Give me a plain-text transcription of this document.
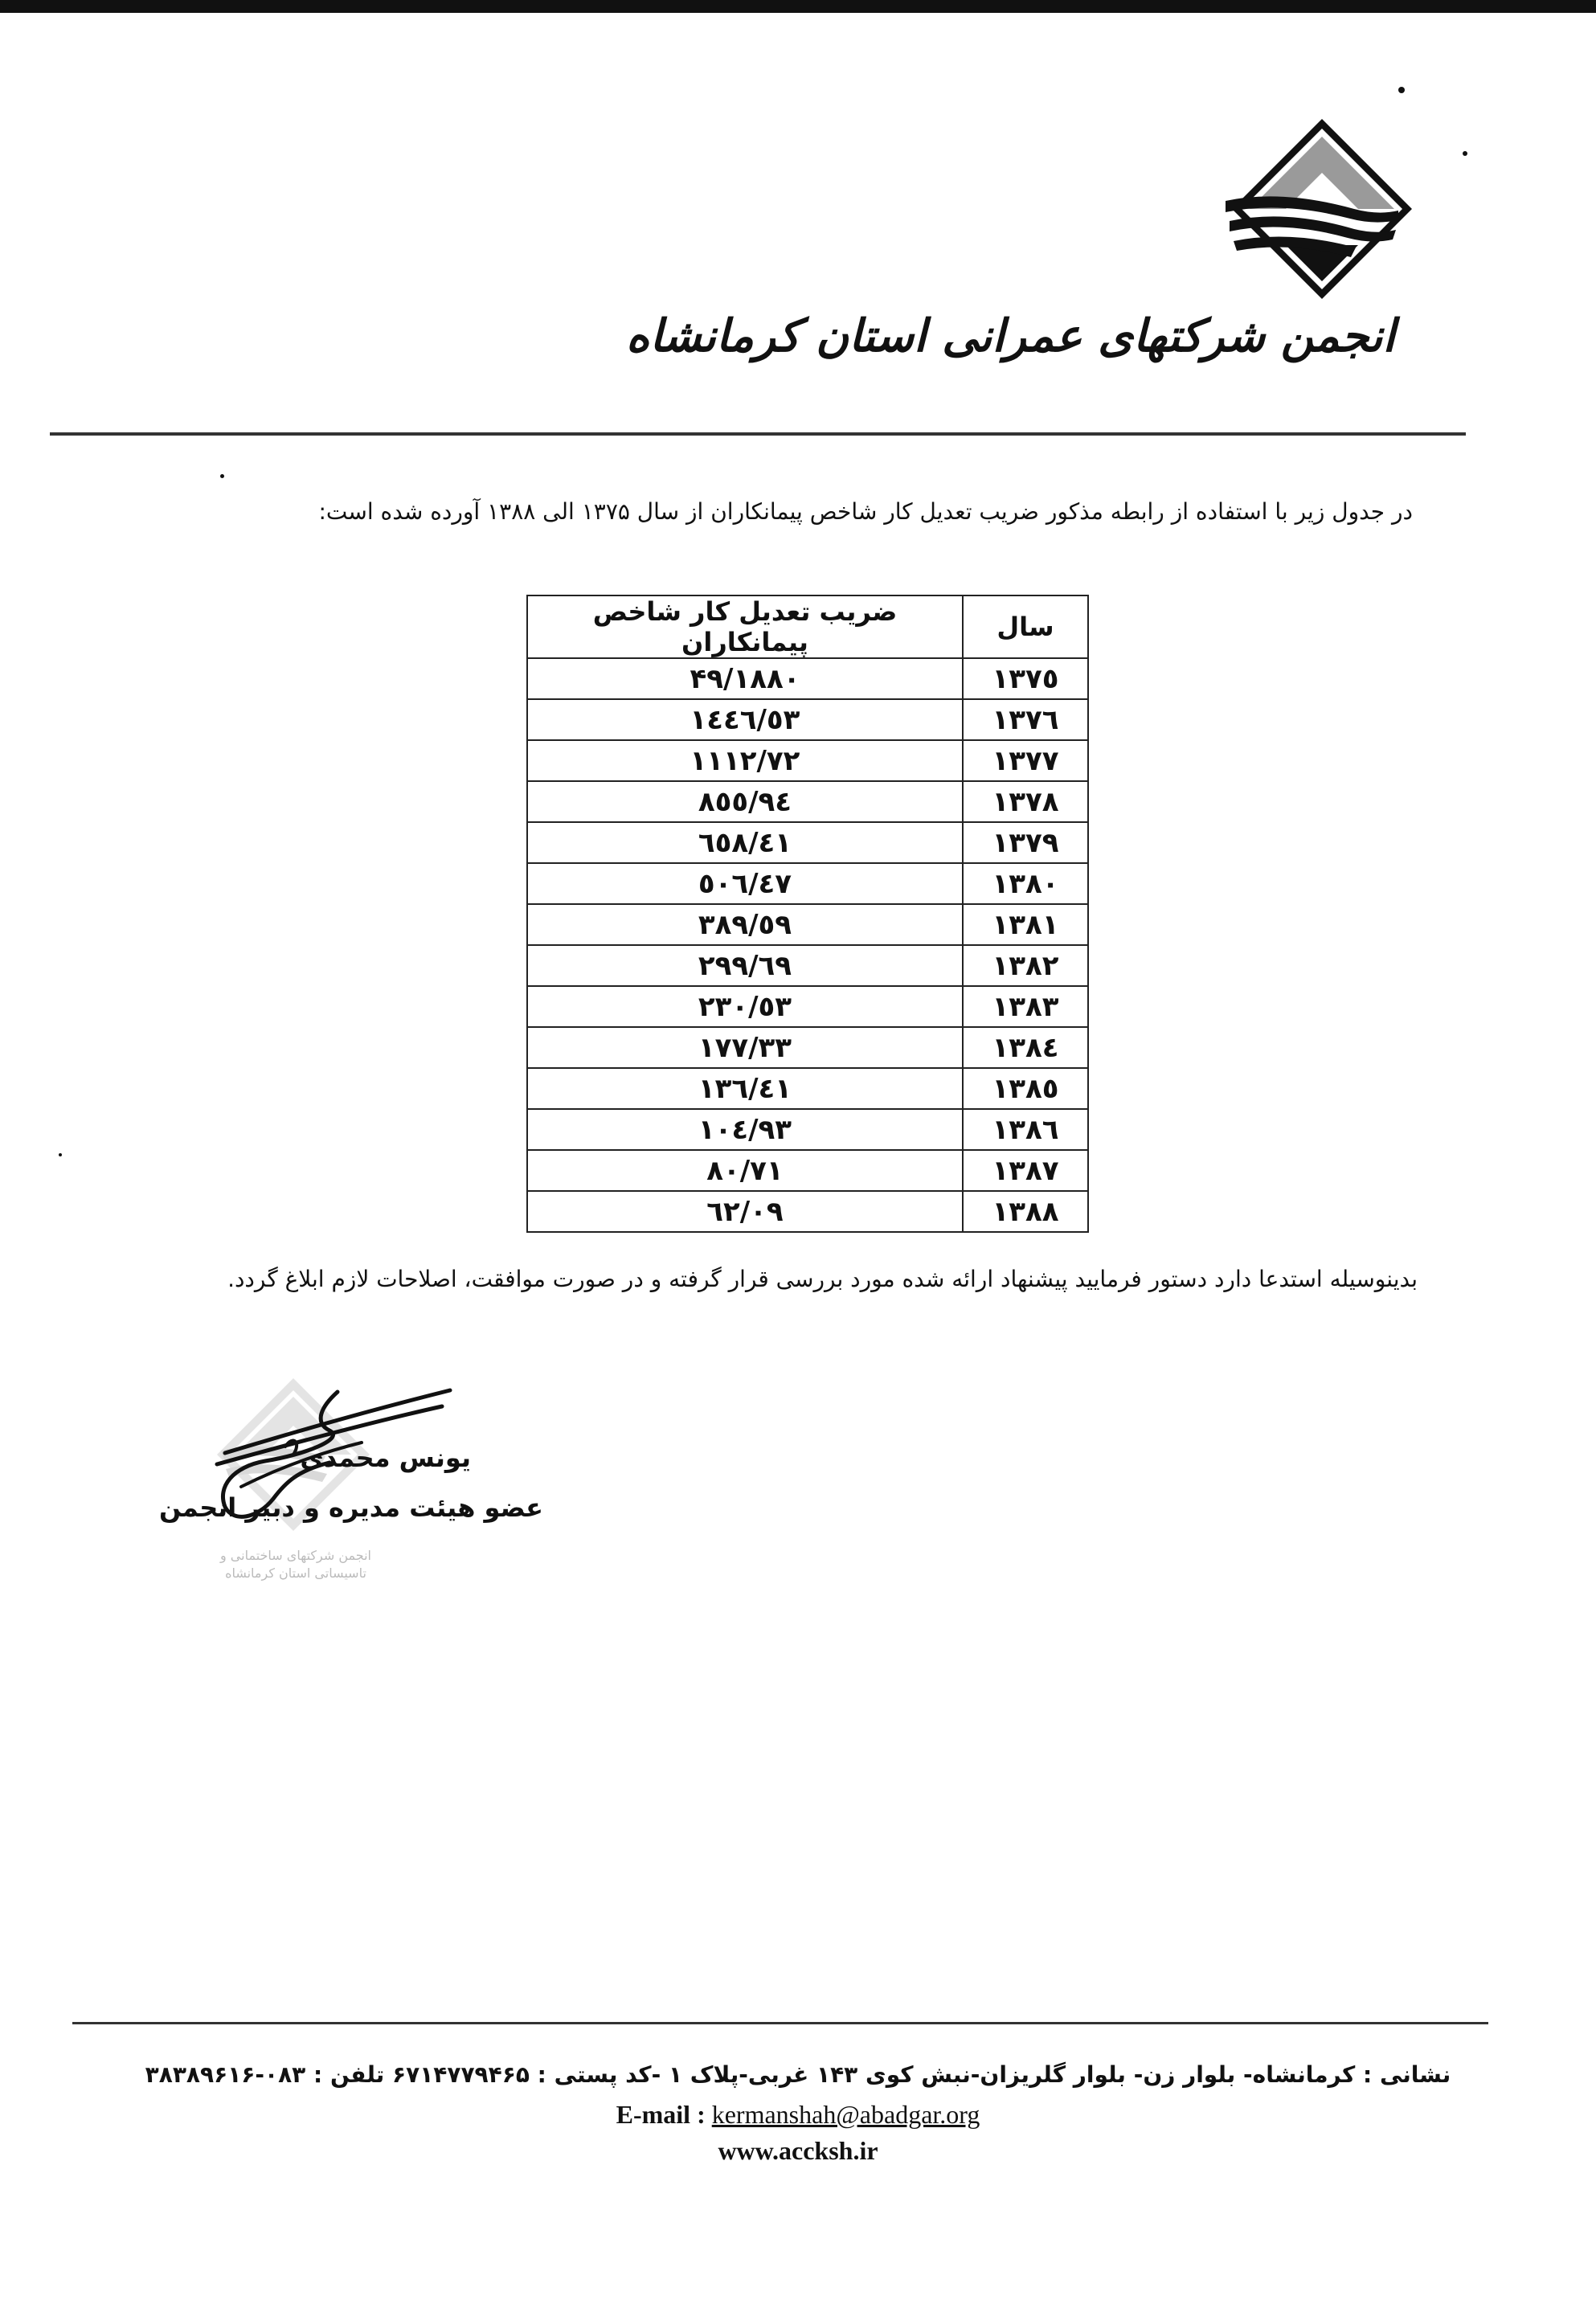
انجمن شرکتهای عمرانی استان کرمانشاه
در جدول زیر با استفاده از رابطه مذکور ضریب تعدیل کار شاخص پیمانکاران از سال ۱۳۷۵ الی ۱۳۸۸ آورده شده است:
سال	ضریب تعدیل کار شاخص پیمانکاران
١٣٧٥	١٨٨٠/۴٩
١٣٧٦	١٤٤٦/٥٣
١٣٧٧	١١١٢/٧٢
١٣٧٨	٨٥٥/٩٤
١٣٧٩	٦٥٨/٤١
١٣٨٠	٥٠٦/٤٧
١٣٨١	٣٨٩/٥٩
١٣٨٢	٢٩٩/٦٩
١٣٨٣	٢٣٠/٥٣
١٣٨٤	١٧٧/٣٣
١٣٨٥	١٣٦/٤١
١٣٨٦	١٠٤/٩٣
١٣٨٧	٨٠/٧١
١٣٨٨	٦٢/٠٩
بدینوسیله استدعا دارد دستور فرمایید پیشنهاد ارائه شده مورد بررسی قرار گرفته و در صورت موافقت، اصلاحات لازم ابلاغ گردد.
انجمن شرکتهای ساختمانی و تاسیساتی استان کرمانشاه
یونس محمدی
عضو هیئت مدیره و دبیر انجمن
نشانی : کرمانشاه- بلوار زن- بلوار گلریزان-نبش کوی ۱۴۳ غربی-پلاک ۱ -کد پستی : ۶۷۱۴۷۷۹۴۶۵ تلفن : ۰۸۳-۳۸۳۸۹۶۱۶
E-mail : kermanshah@abadgar.org
www.accksh.ir
